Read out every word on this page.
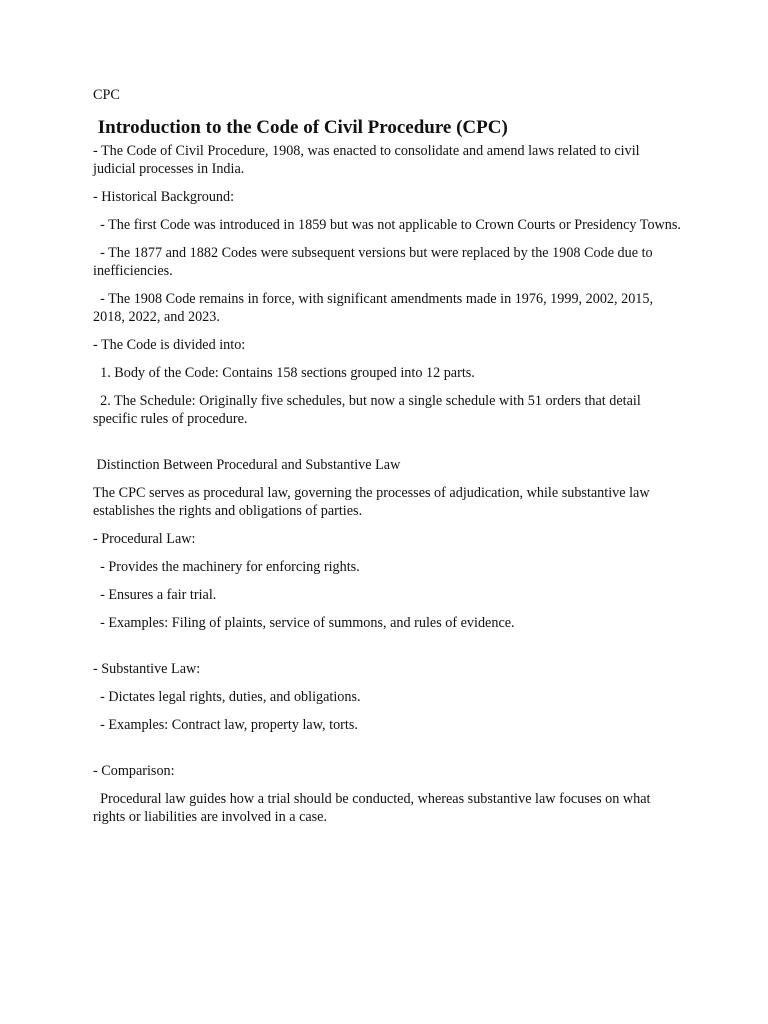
CPC

Introduction to the Code of Civil Procedure (CPC)

- The Code of Civil Procedure, 1908, was enacted to consolidate and amend laws related to civil judicial processes in India.

- Historical Background:

- The first Code was introduced in 1859 but was not applicable to Crown Courts or Presidency Towns.

- The 1877 and 1882 Codes were subsequent versions but were replaced by the 1908 Code due to inefficiencies.

- The 1908 Code remains in force, with significant amendments made in 1976, 1999, 2002, 2015, 2018, 2022, and 2023.

- The Code is divided into:

1. Body of the Code: Contains 158 sections grouped into 12 parts.

2. The Schedule: Originally five schedules, but now a single schedule with 51 orders that detail specific rules of procedure.

Distinction Between Procedural and Substantive Law

The CPC serves as procedural law, governing the processes of adjudication, while substantive law establishes the rights and obligations of parties.

- Procedural Law:

- Provides the machinery for enforcing rights.

- Ensures a fair trial.

- Examples: Filing of plaints, service of summons, and rules of evidence.

- Substantive Law:

- Dictates legal rights, duties, and obligations.

- Examples: Contract law, property law, torts.

- Comparison:

Procedural law guides how a trial should be conducted, whereas substantive law focuses on what rights or liabilities are involved in a case.
